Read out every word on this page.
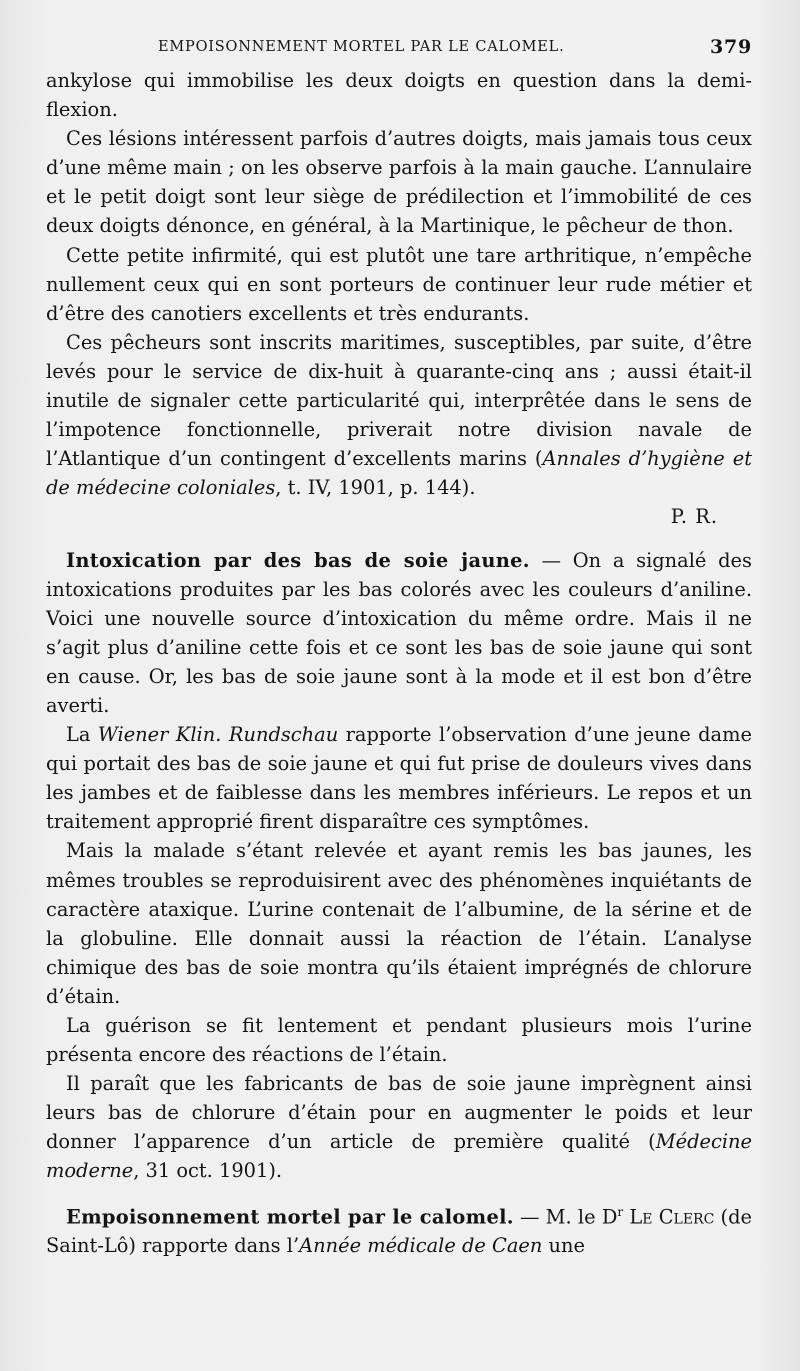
EMPOISONNEMENT MORTEL PAR LE CALOMEL.	379

ankylose qui immobilise les deux doigts en question dans la demi-flexion.

Ces lésions intéressent parfois d’autres doigts, mais jamais tous ceux d’une même main ; on les observe parfois à la main gauche. L’annulaire et le petit doigt sont leur siège de prédilection et l’immobilité de ces deux doigts dénonce, en général, à la Martinique, le pêcheur de thon.

Cette petite infirmité, qui est plutôt une tare arthritique, n’empêche nullement ceux qui en sont porteurs de continuer leur rude métier et d’être des canotiers excellents et très endurants.

Ces pêcheurs sont inscrits maritimes, susceptibles, par suite, d’être levés pour le service de dix-huit à quarante-cinq ans ; aussi était-il inutile de signaler cette particularité qui, interprêtée dans le sens de l’impotence fonctionnelle, priverait notre division navale de l’Atlantique d’un contingent d’excellents marins (Annales d’hygiène et de médecine coloniales, t. IV, 1901, p. 144).

P. R.

Intoxication par des bas de soie jaune. — On a signalé des intoxications produites par les bas colorés avec les couleurs d’aniline. Voici une nouvelle source d’intoxication du même ordre. Mais il ne s’agit plus d’aniline cette fois et ce sont les bas de soie jaune qui sont en cause. Or, les bas de soie jaune sont à la mode et il est bon d’être averti.

La Wiener Klin. Rundschau rapporte l’observation d’une jeune dame qui portait des bas de soie jaune et qui fut prise de douleurs vives dans les jambes et de faiblesse dans les membres inférieurs. Le repos et un traitement approprié firent disparaître ces symptômes.

Mais la malade s’étant relevée et ayant remis les bas jaunes, les mêmes troubles se reproduisirent avec des phénomènes inquiétants de caractère ataxique. L’urine contenait de l’albumine, de la sérine et de la globuline. Elle donnait aussi la réaction de l’étain. L’analyse chimique des bas de soie montra qu’ils étaient imprégnés de chlorure d’étain.

La guérison se fit lentement et pendant plusieurs mois l’urine présenta encore des réactions de l’étain.

Il paraît que les fabricants de bas de soie jaune imprègnent ainsi leurs bas de chlorure d’étain pour en augmenter le poids et leur donner l’apparence d’un article de première qualité (Médecine moderne, 31 oct. 1901).

Empoisonnement mortel par le calomel. — M. le $D^r$ Le Clerc (de Saint-Lô) rapporte dans l’Année médicale de Caen une
